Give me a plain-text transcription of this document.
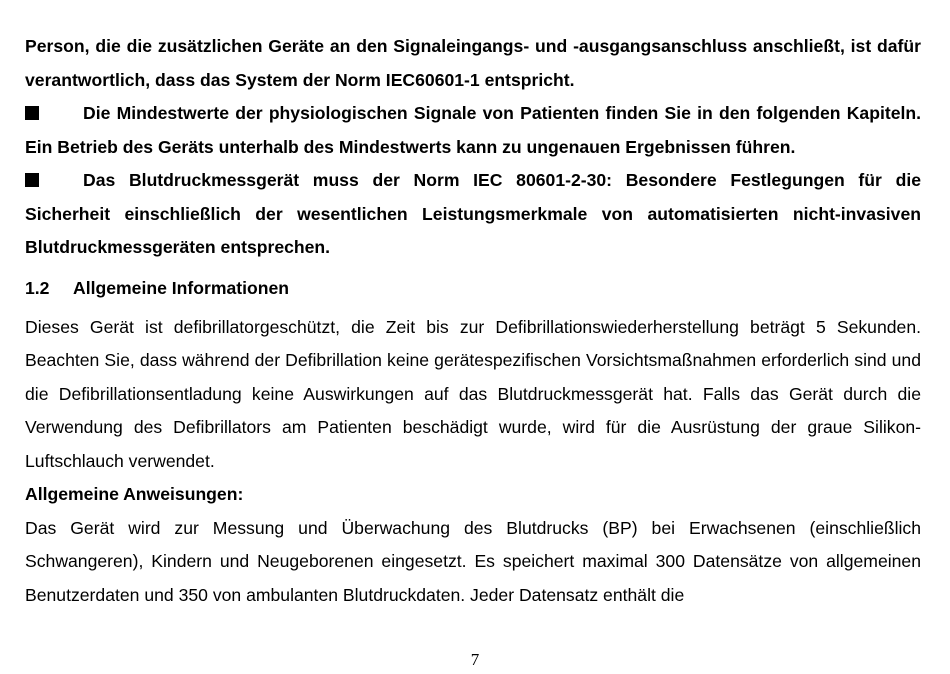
Person, die die zusätzlichen Geräte an den Signaleingangs- und -ausgangsanschluss anschließt, ist dafür verantwortlich, dass das System der Norm IEC60601-1 entspricht.

Die Mindestwerte der physiologischen Signale von Patienten finden Sie in den folgenden Kapiteln. Ein Betrieb des Geräts unterhalb des Mindestwerts kann zu ungenauen Ergebnissen führen.

Das Blutdruckmessgerät muss der Norm IEC 80601-2-30: Besondere Festlegungen für die Sicherheit einschließlich der wesentlichen Leistungsmerkmale von automatisierten nicht-invasiven Blutdruckmessgeräten entsprechen.

1.2	Allgemeine Informationen

Dieses Gerät ist defibrillatorgeschützt, die Zeit bis zur Defibrillationswiederherstellung beträgt 5 Sekunden. Beachten Sie, dass während der Defibrillation keine gerätespezifischen Vorsichtsmaßnahmen erforderlich sind und die Defibrillationsentladung keine Auswirkungen auf das Blutdruckmessgerät hat. Falls das Gerät durch die Verwendung des Defibrillators am Patienten beschädigt wurde, wird für die Ausrüstung der graue Silikon-Luftschlauch verwendet.

Allgemeine Anweisungen:

Das Gerät wird zur Messung und Überwachung des Blutdrucks (BP) bei Erwachsenen (einschließlich Schwangeren), Kindern und Neugeborenen eingesetzt. Es speichert maximal 300 Datensätze von allgemeinen Benutzerdaten und 350 von ambulanten Blutdruckdaten. Jeder Datensatz enthält die

7
